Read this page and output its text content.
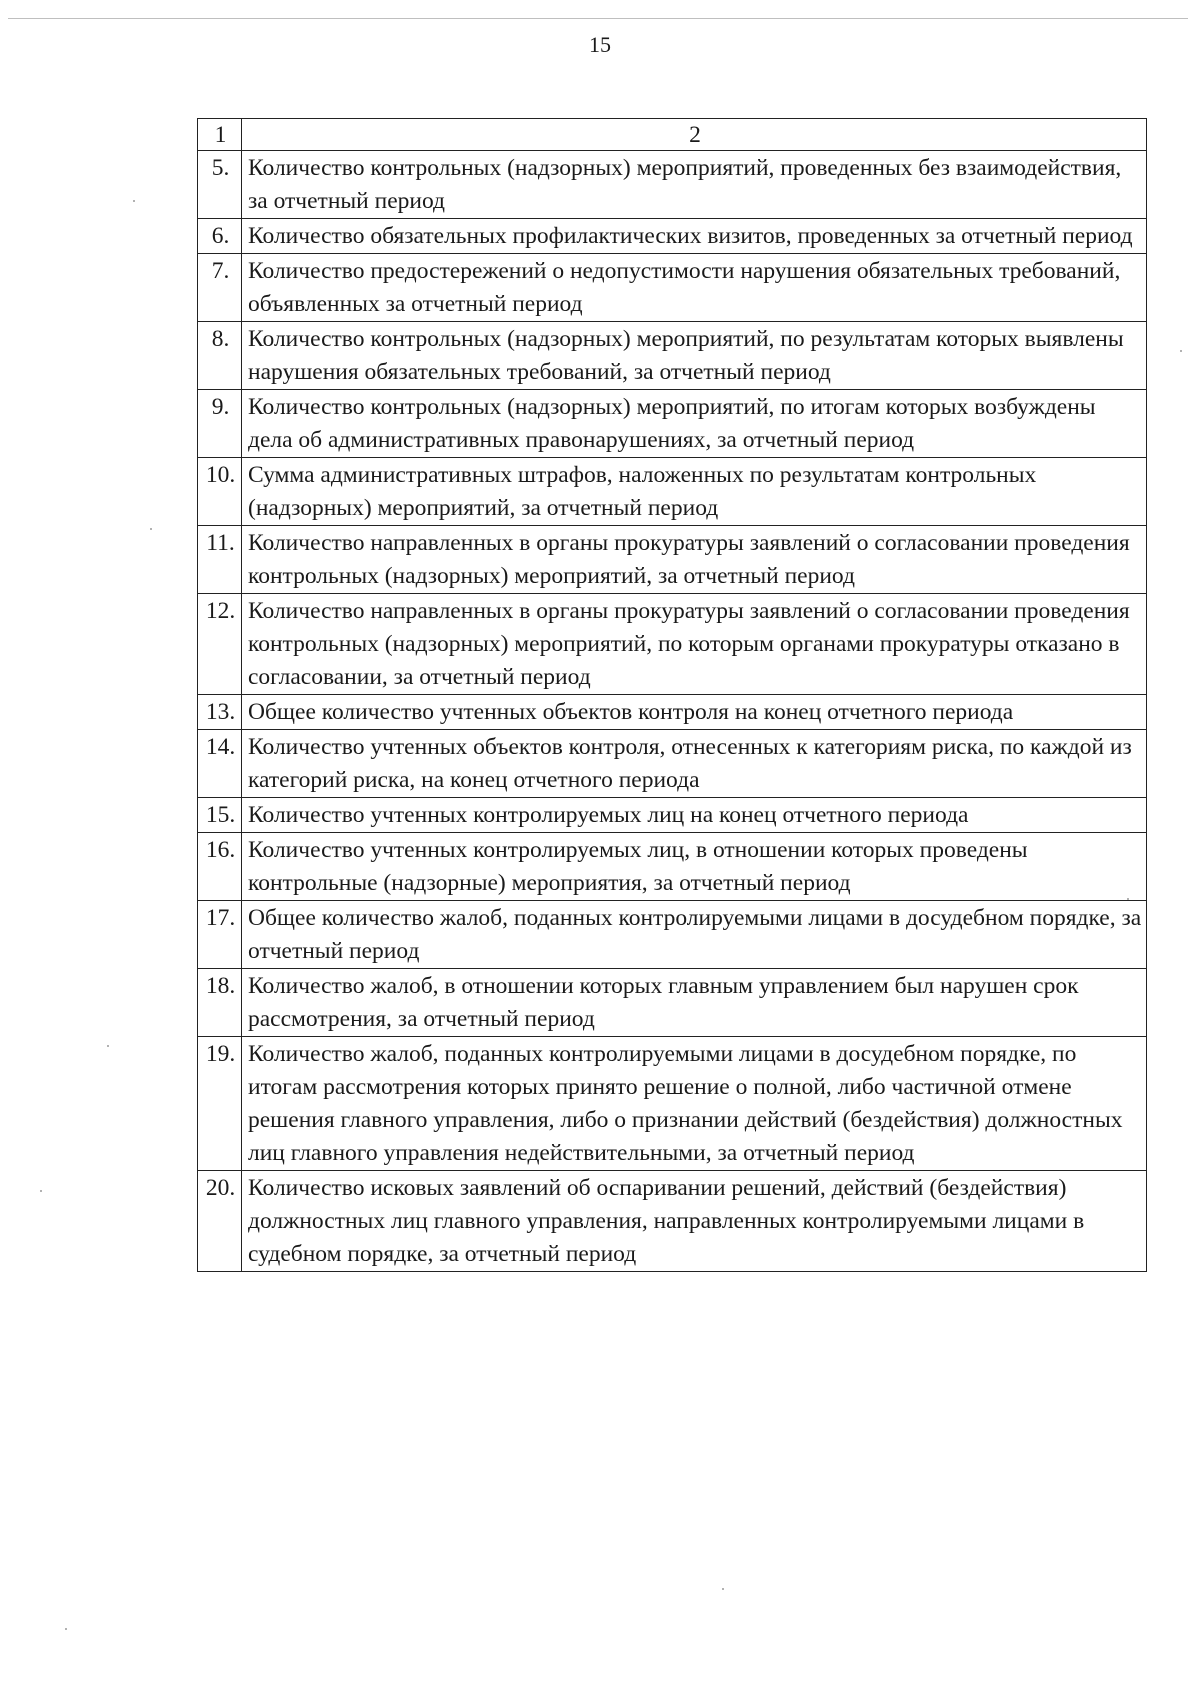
15
1	2
5.	Количество контрольных (надзорных) мероприятий, проведенных без взаимодействия, за отчетный период
6.	Количество обязательных профилактических визитов, проведенных за отчетный период
7.	Количество предостережений о недопустимости нарушения обязательных требований, объявленных за отчетный период
8.	Количество контрольных (надзорных) мероприятий, по результатам которых выявлены нарушения обязательных требований, за отчетный период
9.	Количество контрольных (надзорных) мероприятий, по итогам которых возбуждены дела об административных правонарушениях, за отчетный период
10.	Сумма административных штрафов, наложенных по результатам контрольных (надзорных) мероприятий, за отчетный период
11.	Количество направленных в органы прокуратуры заявлений о согласовании проведения контрольных (надзорных) мероприятий, за отчетный период
12.	Количество направленных в органы прокуратуры заявлений о согласовании проведения контрольных (надзорных) мероприятий, по которым органами прокуратуры отказано в согласовании, за отчетный период
13.	Общее количество учтенных объектов контроля на конец отчетного периода
14.	Количество учтенных объектов контроля, отнесенных к категориям риска, по каждой из категорий риска, на конец отчетного периода
15.	Количество учтенных контролируемых лиц на конец отчетного периода
16.	Количество учтенных контролируемых лиц, в отношении которых проведены контрольные (надзорные) мероприятия, за отчетный период
17.	Общее количество жалоб, поданных контролируемыми лицами в досудебном порядке, за отчетный период
18.	Количество жалоб, в отношении которых главным управлением был нарушен срок рассмотрения, за отчетный период
19.	Количество жалоб, поданных контролируемыми лицами в досудебном порядке, по итогам рассмотрения которых принято решение о полной, либо частичной отмене решения главного управления, либо о признании действий (бездействия) должностных лиц главного управления недействительными, за отчетный период
20.	Количество исковых заявлений об оспаривании решений, действий (бездействия) должностных лиц главного управления, направленных контролируемыми лицами в судебном порядке, за отчетный период
